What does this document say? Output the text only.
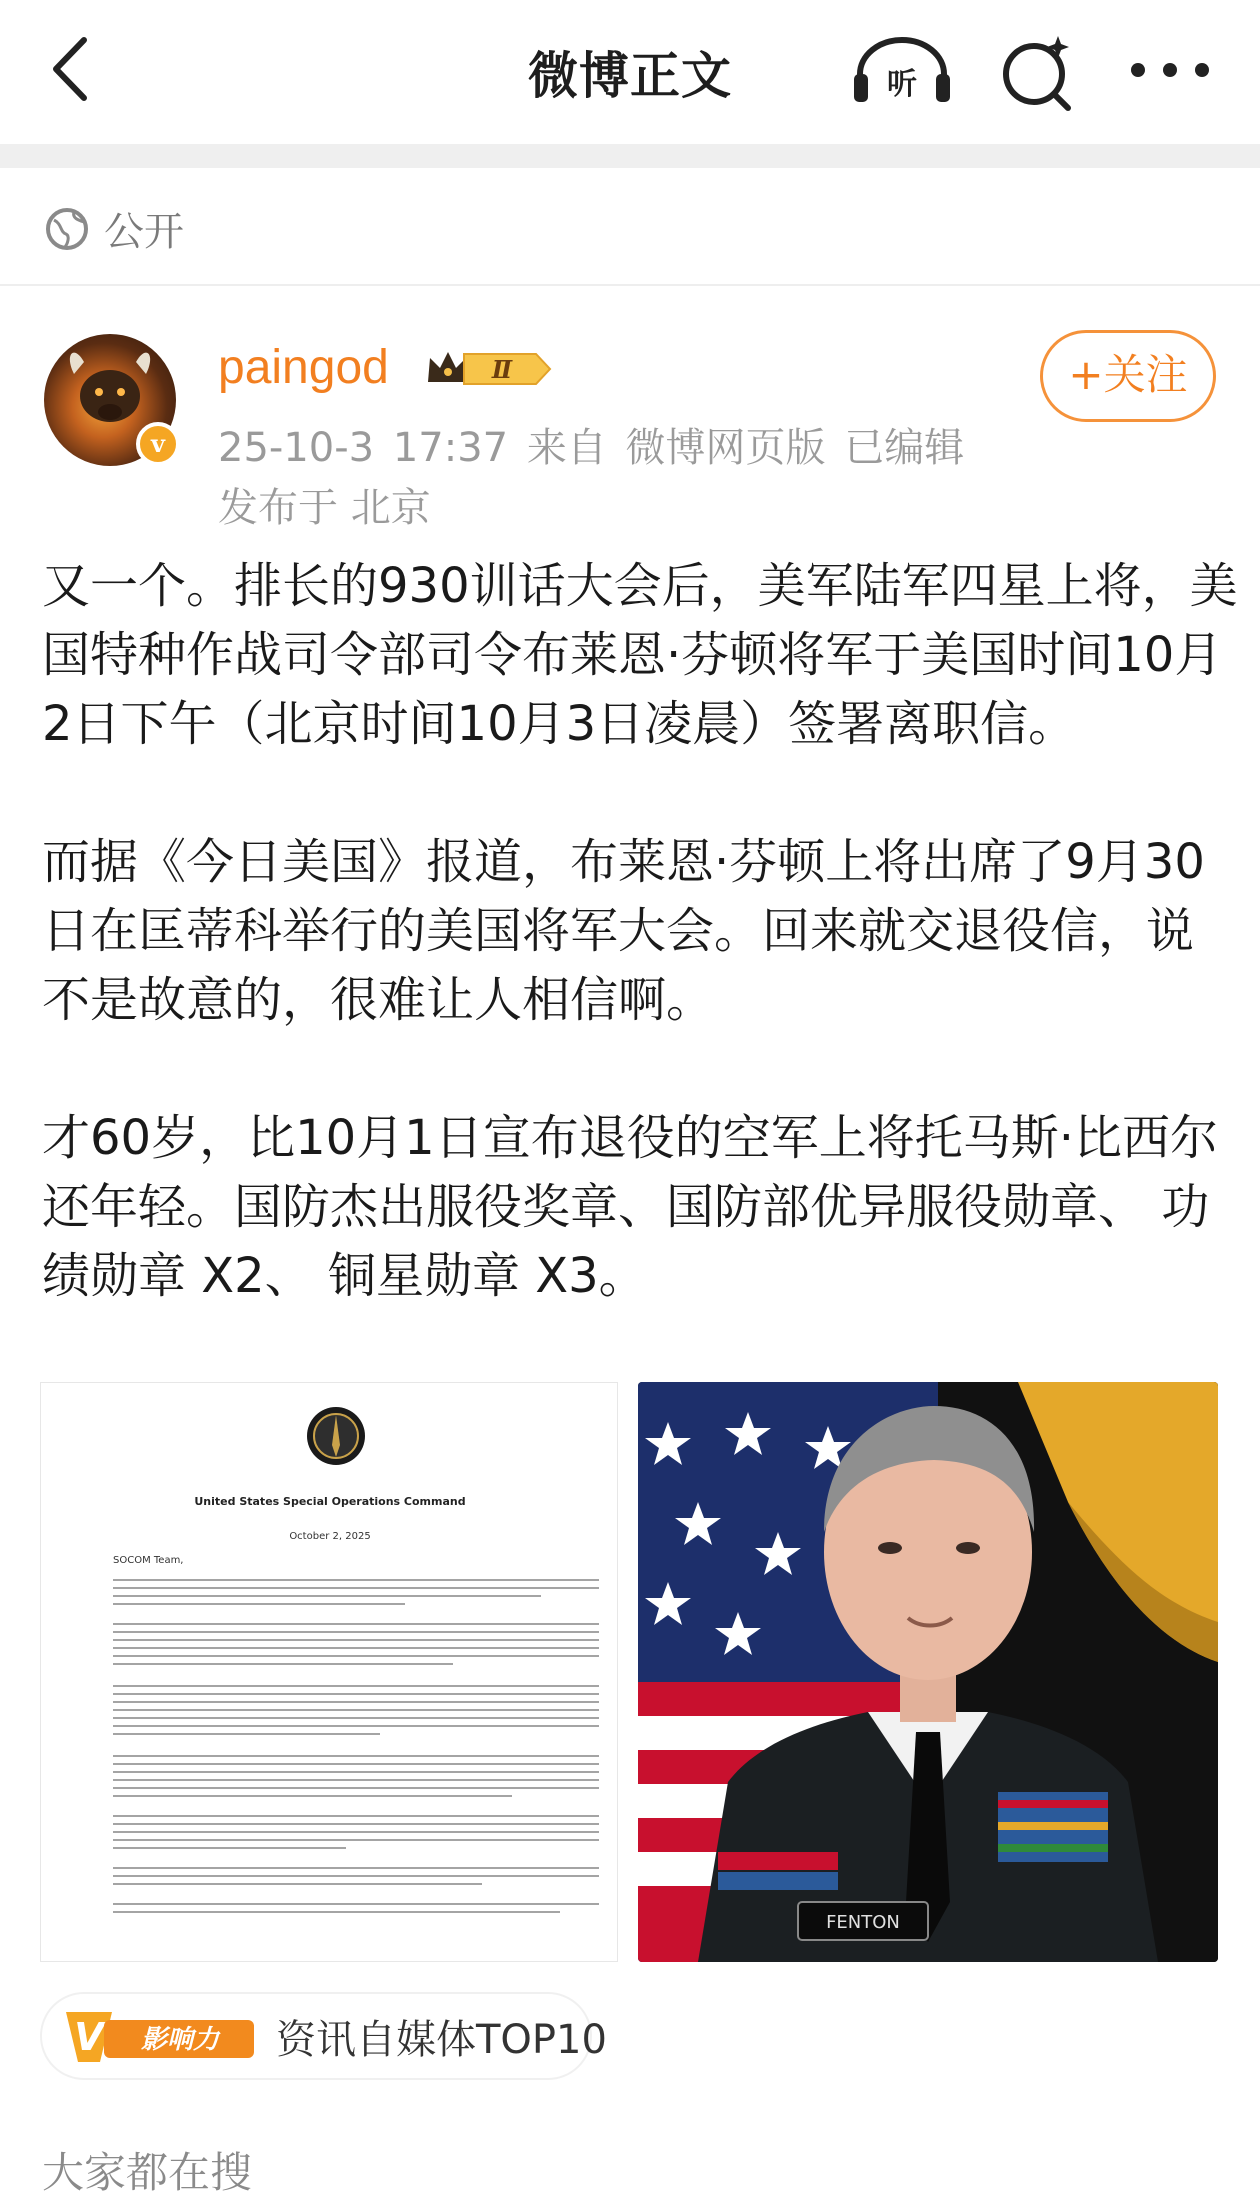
微博正文	听
公开
v
paingod	Ⅱ	+关注
25-10-3 17:37 来自 微博网页版 已编辑
发布于 北京

又一个。排长的930训话大会后，美军陆军四星上将，美国特种作战司令部司令布莱恩·芬顿将军于美国时间10月2日下午（北京时间10月3日凌晨）签署离职信。

而据《今日美国》报道，布莱恩·芬顿上将出席了9月30日在匡蒂科举行的美国将军大会。回来就交退役信，说不是故意的，很难让人相信啊。

才60岁，比10月1日宣布退役的空军上将托马斯·比西尔还年轻。国防杰出服役奖章、国防部优异服役勋章、 功绩勋章 X2、 铜星勋章 X3。

United States Special Operations Command
October 2, 2025
SOCOM Team,
FENTON
V 影响力 资讯自媒体TOP10
大家都在搜
